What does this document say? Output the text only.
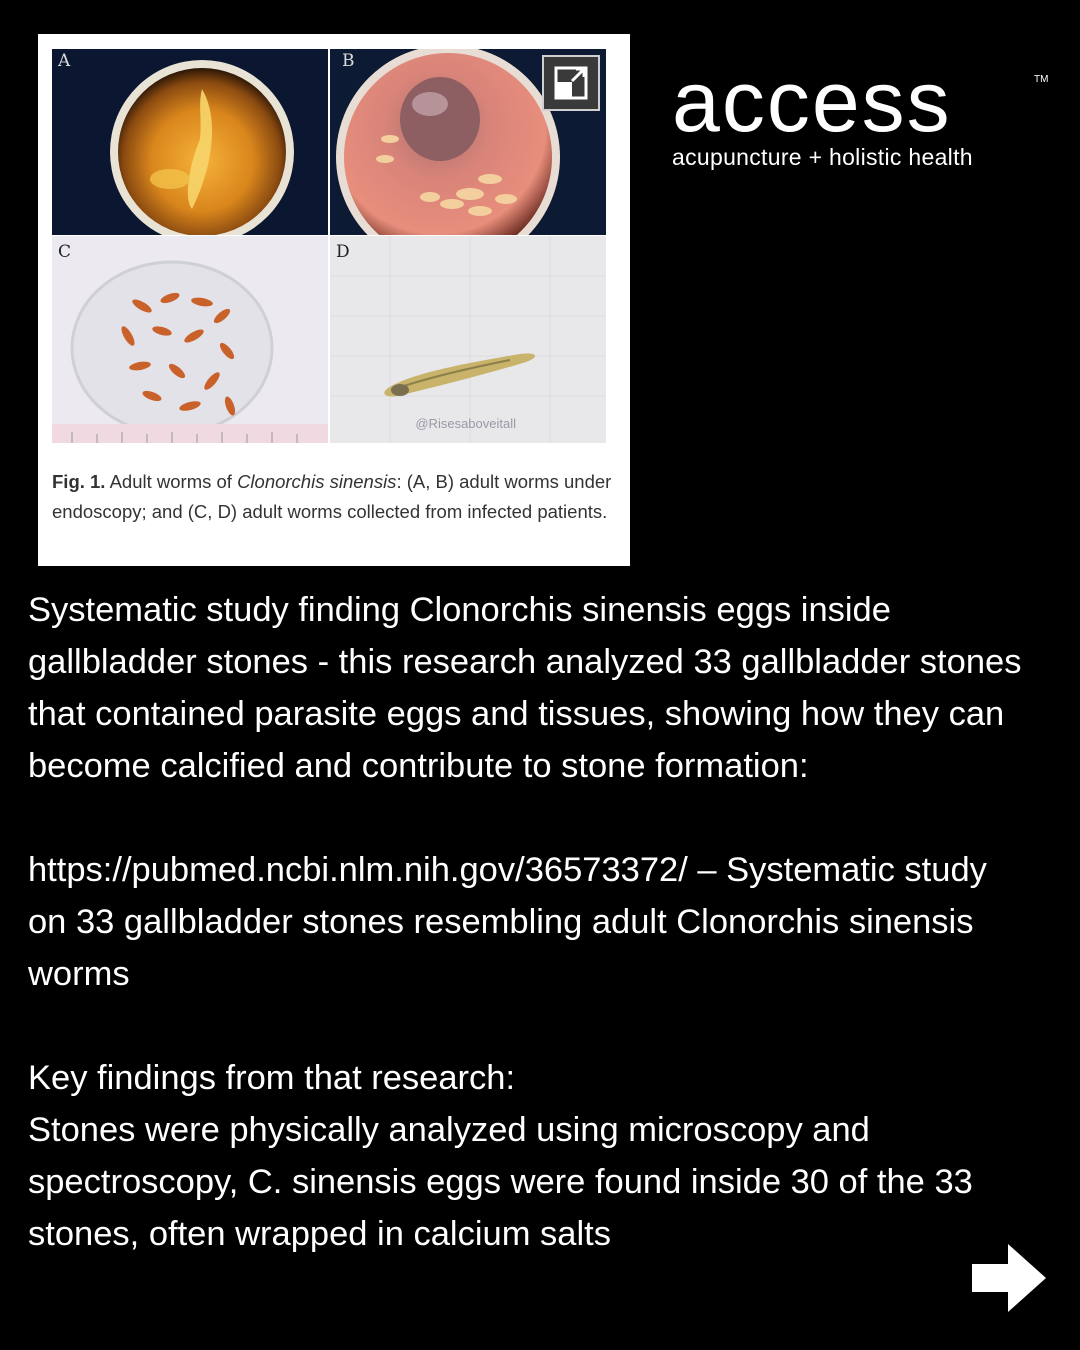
A	B
C	D
@Risesaboveitall
Fig. 1. Adult worms of Clonorchis sinensis: (A, B) adult worms under endoscopy; and (C, D) adult worms collected from infected patients.
access	TM
acupuncture + holistic health

Systematic study finding Clonorchis sinensis eggs inside gallbladder stones - this research analyzed 33 gallbladder stones that contained parasite eggs and tissues, showing how they can become calcified and contribute to stone formation:

https://pubmed.ncbi.nlm.nih.gov/36573372/ – Systematic study on 33 gallbladder stones resembling adult Clonorchis sinensis worms

Key findings from that research:

Stones were physically analyzed using microscopy and spectroscopy, C. sinensis eggs were found inside 30 of the 33 stones, often wrapped in calcium salts
